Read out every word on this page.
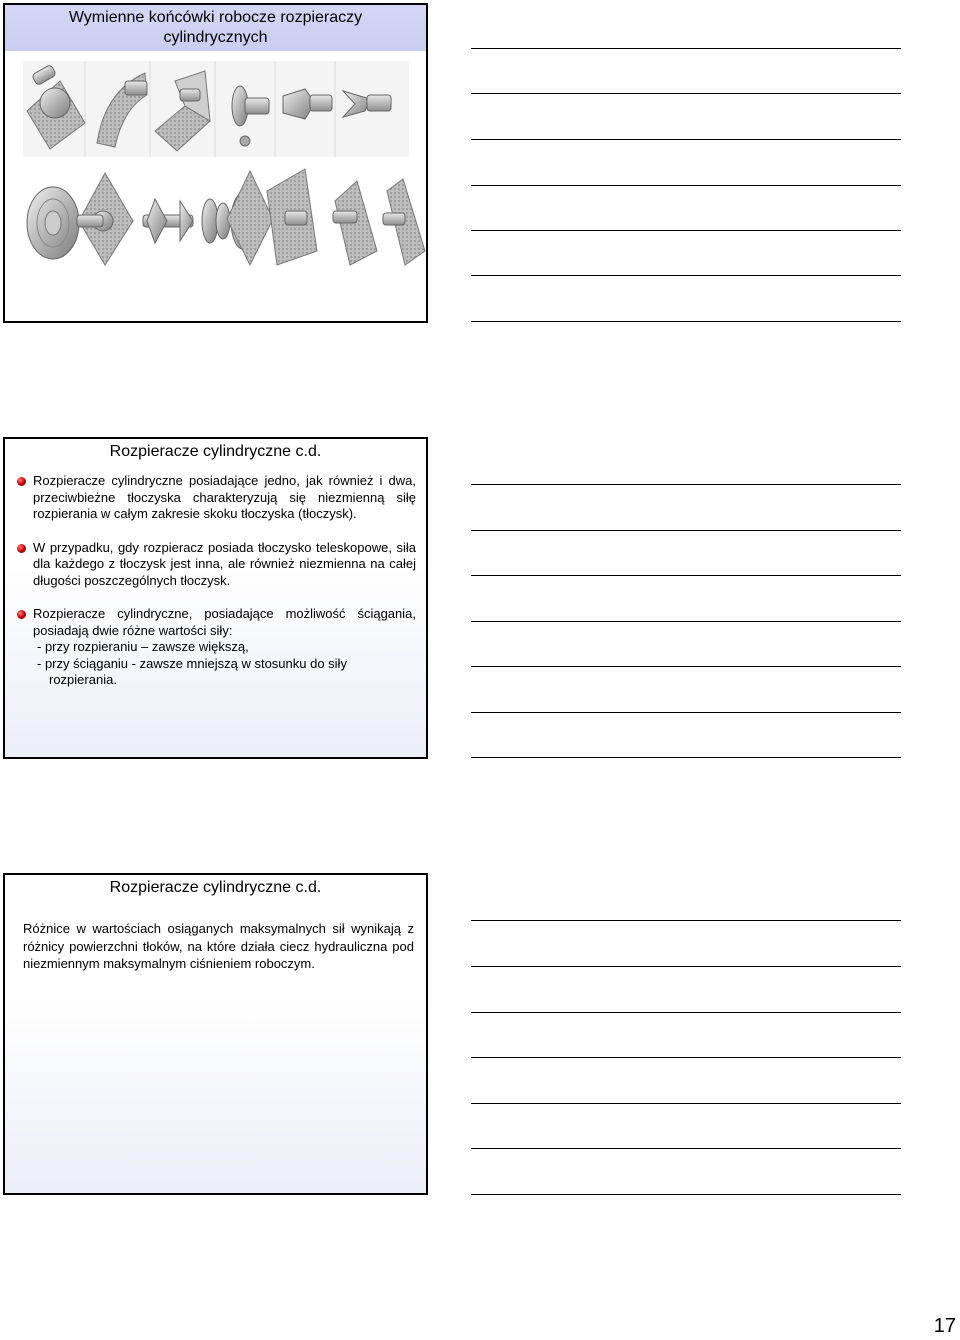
Wymienne końcówki robocze rozpieraczy cylindrycznych
Rozpieracze cylindryczne c.d.
Rozpieracze cylindryczne posiadające jedno, jak również i dwa, przeciwbieżne tłoczyska charakteryzują się niezmienną siłę rozpierania w całym zakresie skoku tłoczyska (tłoczysk).
W przypadku, gdy rozpieracz posiada tłoczysko teleskopowe, siła dla każdego z tłoczysk jest inna, ale również niezmienna na całej długości poszczególnych tłoczysk.
Rozpieracze cylindryczne, posiadające możliwość ściągania, posiadają dwie różne wartości siły:
- przy rozpieraniu – zawsze większą,
- przy ściąganiu - zawsze mniejszą w stosunku do siły
rozpierania.
Rozpieracze cylindryczne c.d.
Różnice w wartościach osiąganych maksymalnych sił wynikają z różnicy powierzchni tłoków, na które działa ciecz hydrauliczna pod niezmiennym maksymalnym ciśnieniem roboczym.
17
